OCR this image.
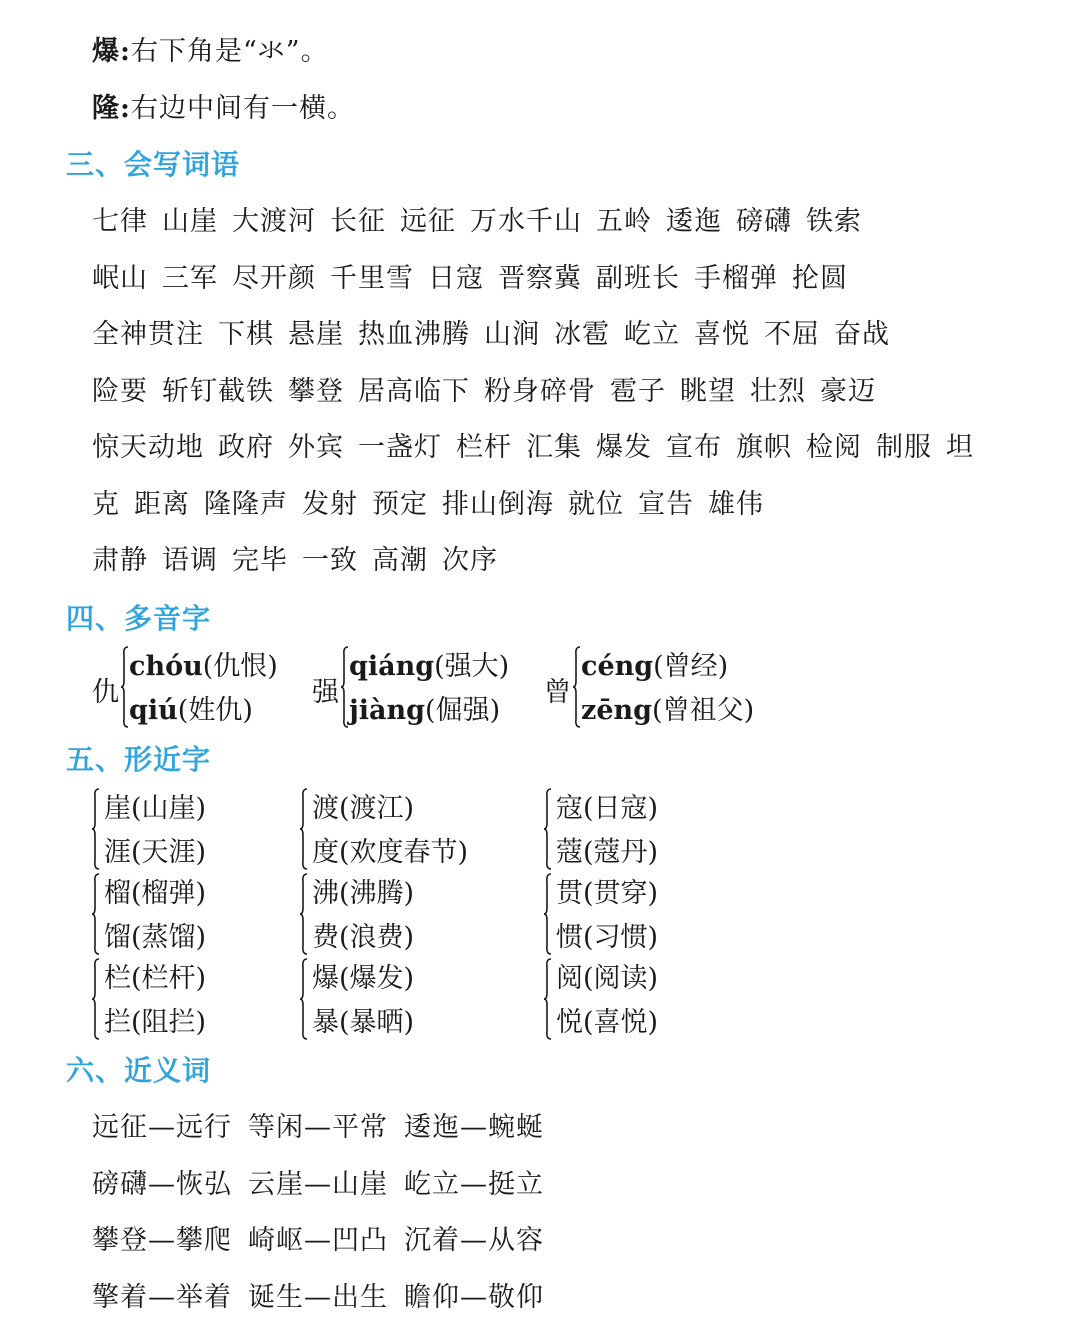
爆:右下角是“氺”。
隆:右边中间有一横。
三、会写词语
七律 山崖 大渡河 长征 远征 万水千山 五岭 逶迤 磅礴 铁索
岷山 三军 尽开颜 千里雪 日寇 晋察冀 副班长 手榴弹 抡圆
全神贯注 下棋 悬崖 热血沸腾 山涧 冰雹 屹立 喜悦 不屈 奋战
险要 斩钉截铁 攀登 居高临下 粉身碎骨 雹子 眺望 壮烈 豪迈
惊天动地 政府 外宾 一盏灯 栏杆 汇集 爆发 宣布 旗帜 检阅 制服 坦
克 距离 隆隆声 发射 预定 排山倒海 就位 宣告 雄伟
肃静 语调 完毕 一致 高潮 次序
四、多音字
仇
chóu(仇恨)
qiú(姓仇)
强
qiáng(强大)
jiàng(倔强)
曾
céng(曾经)
zēng(曾祖父)
五、形近字
崖(山崖)
涯(天涯)
渡(渡江)
度(欢度春节)
寇(日寇)
蔻(蔻丹)
榴(榴弹)
馏(蒸馏)
沸(沸腾)
费(浪费)
贯(贯穿)
惯(习惯)
栏(栏杆)
拦(阻拦)
爆(爆发)
暴(暴晒)
阅(阅读)
悦(喜悦)
六、近义词
远征—远行 等闲—平常 逶迤—蜿蜒
磅礴—恢弘 云崖—山崖 屹立—挺立
攀登—攀爬 崎岖—凹凸 沉着—从容
擎着—举着 诞生—出生 瞻仰—敬仰
